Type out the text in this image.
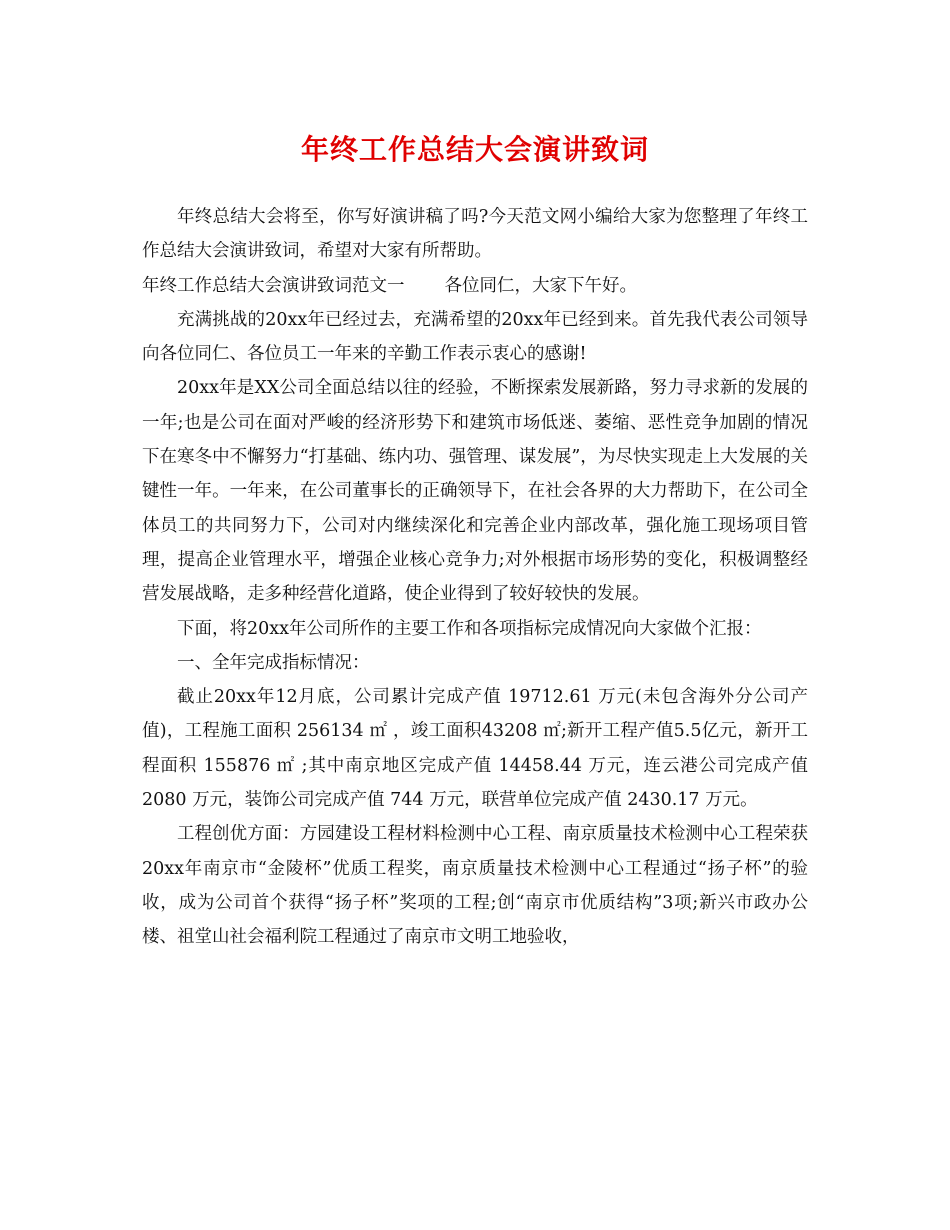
年终工作总结大会演讲致词

年终总结大会将至，你写好演讲稿了吗?今天范文网小编给大家为您整理了年终工作总结大会演讲致词，希望对大家有所帮助。

年终工作总结大会演讲致词范文一 各位同仁，大家下午好。

充满挑战的20xx年已经过去，充满希望的20xx年已经到来。首先我代表公司领导向各位同仁、各位员工一年来的辛勤工作表示衷心的感谢!

20xx年是XX公司全面总结以往的经验，不断探索发展新路，努力寻求新的发展的一年;也是公司在面对严峻的经济形势下和建筑市场低迷、萎缩、恶性竞争加剧的情况下在寒冬中不懈努力“打基础、练内功、强管理、谋发展”，为尽快实现走上大发展的关键性一年。一年来，在公司董事长的正确领导下，在社会各界的大力帮助下，在公司全体员工的共同努力下，公司对内继续深化和完善企业内部改革，强化施工现场项目管理，提高企业管理水平，增强企业核心竞争力;对外根据市场形势的变化，积极调整经营发展战略，走多种经营化道路，使企业得到了较好较快的发展。

下面，将20xx年公司所作的主要工作和各项指标完成情况向大家做个汇报：

一、全年完成指标情况：

截止20xx年12月底，公司累计完成产值 19712.61 万元(未包含海外分公司产值)，工程施工面积 256134 ㎡ ，竣工面积43208 ㎡;新开工程产值5.5亿元，新开工程面积 155876 ㎡ ;其中南京地区完成产值 14458.44 万元，连云港公司完成产值 2080 万元，装饰公司完成产值 744 万元，联营单位完成产值 2430.17 万元。

工程创优方面：方园建设工程材料检测中心工程、南京质量技术检测中心工程荣获20xx年南京市“金陵杯”优质工程奖，南京质量技术检测中心工程通过“扬子杯”的验收，成为公司首个获得“扬子杯”奖项的工程;创“南京市优质结构”3项;新兴市政办公楼、祖堂山社会福利院工程通过了南京市文明工地验收，
